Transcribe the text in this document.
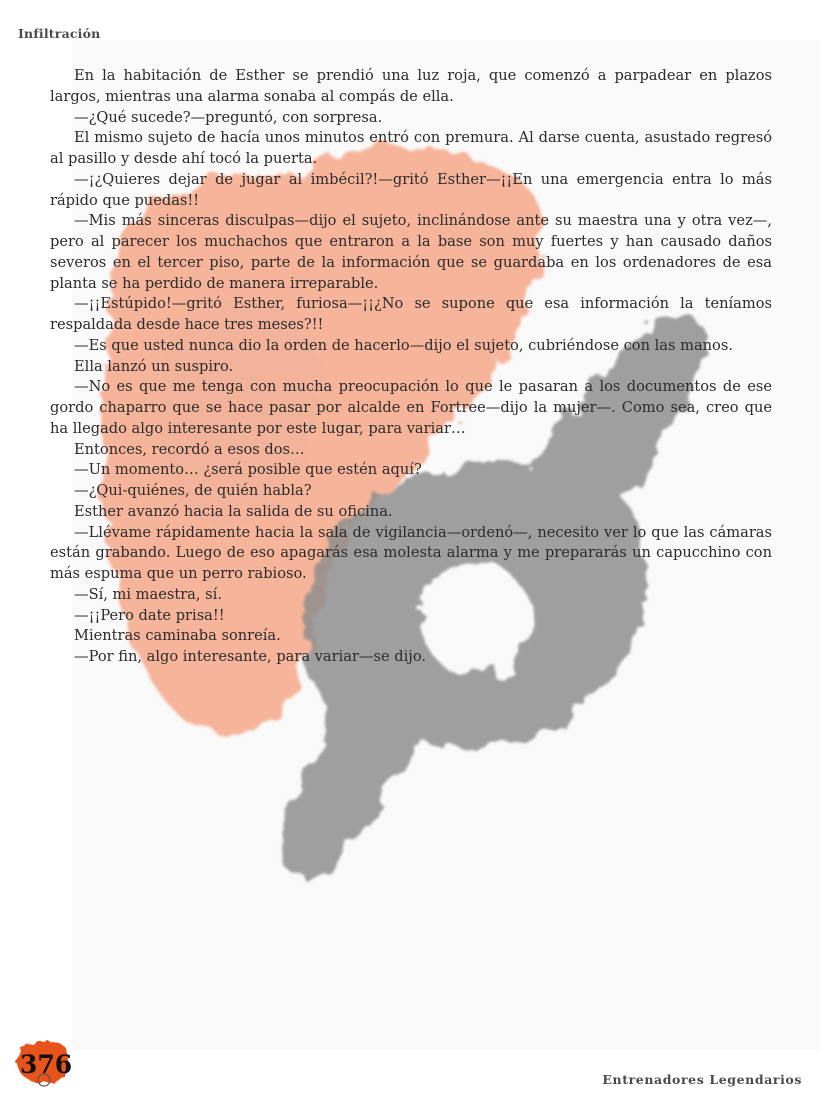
Infiltración

En la habitación de Esther se prendió una luz roja, que comenzó a parpadear en plazos largos, mientras una alarma sonaba al compás de ella.

—¿Qué sucede?—preguntó, con sorpresa.

El mismo sujeto de hacía unos minutos entró con premura. Al darse cuenta, asustado regresó al pasillo y desde ahí tocó la puerta.

—¡¿Quieres dejar de jugar al imbécil?!—gritó Esther—¡¡En una emergencia entra lo más rápido que puedas!!

—Mis más sinceras disculpas—dijo el sujeto, inclinándose ante su maestra una y otra vez—, pero al parecer los muchachos que entraron a la base son muy fuertes y han causado daños severos en el tercer piso, parte de la información que se guardaba en los ordenadores de esa planta se ha perdido de manera irreparable.

—¡¡Estúpido!—gritó Esther, furiosa—¡¡¿No se supone que esa información la teníamos respaldada desde hace tres meses?!!

—Es que usted nunca dio la orden de hacerlo—dijo el sujeto, cubriéndose con las manos.

Ella lanzó un suspiro.

—No es que me tenga con mucha preocupación lo que le pasaran a los documentos de ese gordo chaparro que se hace pasar por alcalde en Fortree—dijo la mujer—. Como sea, creo que ha llegado algo interesante por este lugar, para variar…

Entonces, recordó a esos dos…

—Un momento… ¿será posible que estén aquí?

—¿Qui-quiénes, de quién habla?

Esther avanzó hacia la salida de su oficina.

—Llévame rápidamente hacia la sala de vigilancia—ordenó—, necesito ver lo que las cámaras están grabando. Luego de eso apagarás esa molesta alarma y me prepararás un capucchino con más espuma que un perro rabioso.

—Sí, mi maestra, sí.

—¡¡Pero date prisa!!

Mientras caminaba sonreía.

—Por fin, algo interesante, para variar—se dijo.

376
Entrenadores Legendarios
